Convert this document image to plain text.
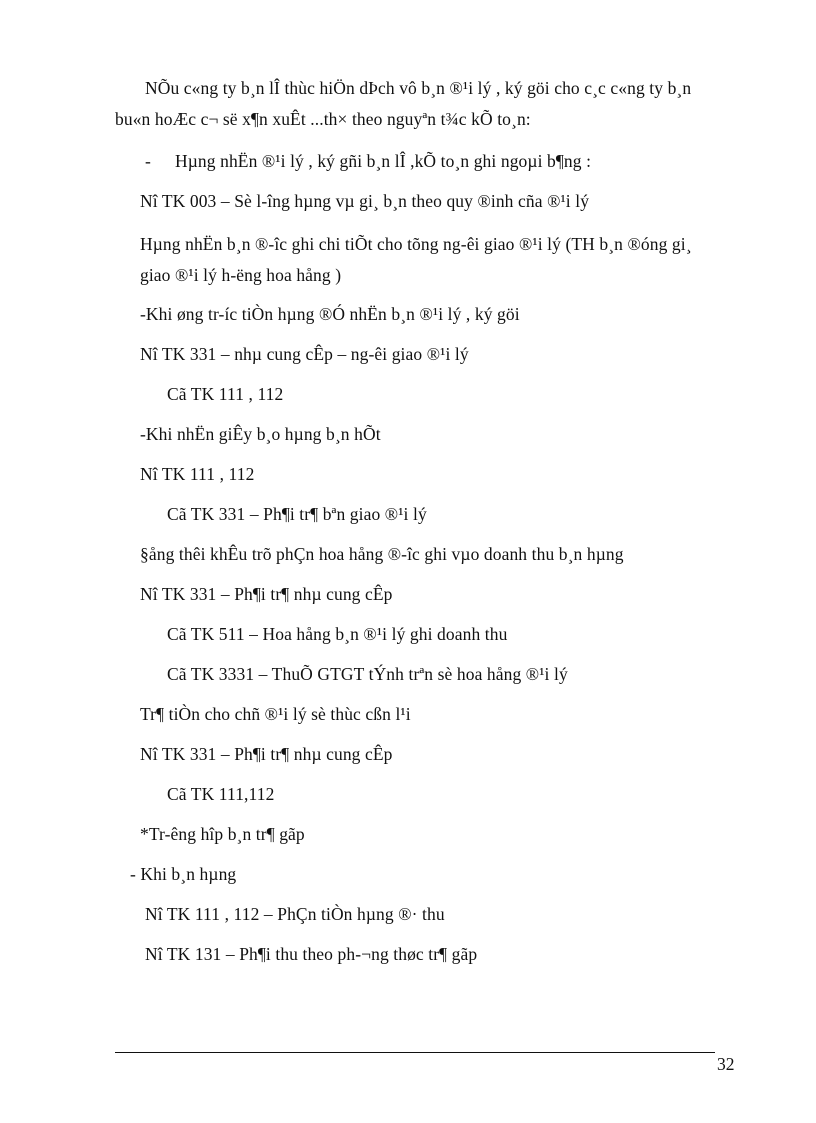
NÕu c«ng ty b¸n lÎ thùc hiÖn dÞch vô b¸n ®¹i lý , ký göi cho c¸c c«ng ty b¸n
bu«n hoÆc c¬ së x¶n xuÊt ...th× theo nguyªn t¾c kÕ to¸n:
- Hµng nhËn ®¹i lý , ký gñi b¸n lÎ ,kÕ to¸n ghi ngoµi b¶ng :
Nî TK 003 – Sè l-îng hµng vµ gi¸ b¸n theo quy ®inh cña ®¹i lý
Hµng nhËn b¸n ®-îc ghi chi tiÕt cho tõng ng-êi giao ®¹i lý (TH b¸n ®óng gi¸
giao ®¹i lý h-ëng hoa hång )
-Khi øng tr-íc tiÒn hµng ®Ó nhËn b¸n ®¹i lý , ký göi
Nî TK 331 – nhµ cung cÊp – ng-êi giao ®¹i lý
Cã TK 111 , 112
-Khi nhËn giÊy b¸o hµng b¸n hÕt
Nî TK 111 , 112
Cã TK 331 – Ph¶i tr¶ bªn giao ®¹i lý
§ång thêi khÊu trõ phÇn hoa hång ®-îc ghi vµo doanh thu b¸n hµng
Nî TK 331 – Ph¶i tr¶ nhµ cung cÊp
Cã TK 511 – Hoa hång b¸n ®¹i lý ghi doanh thu
Cã TK 3331 – ThuÕ GTGT tÝnh trªn sè hoa hång ®¹i lý
Tr¶ tiÒn cho chñ ®¹i lý sè thùc cßn l¹i
Nî TK 331 – Ph¶i tr¶ nhµ cung cÊp
Cã TK 111,112
*Tr-êng hîp b¸n tr¶ gãp
- Khi b¸n hµng
Nî TK 111 , 112 – PhÇn tiÒn hµng ®· thu
Nî TK 131 – Ph¶i thu theo ph-¬ng thøc tr¶ gãp
32
